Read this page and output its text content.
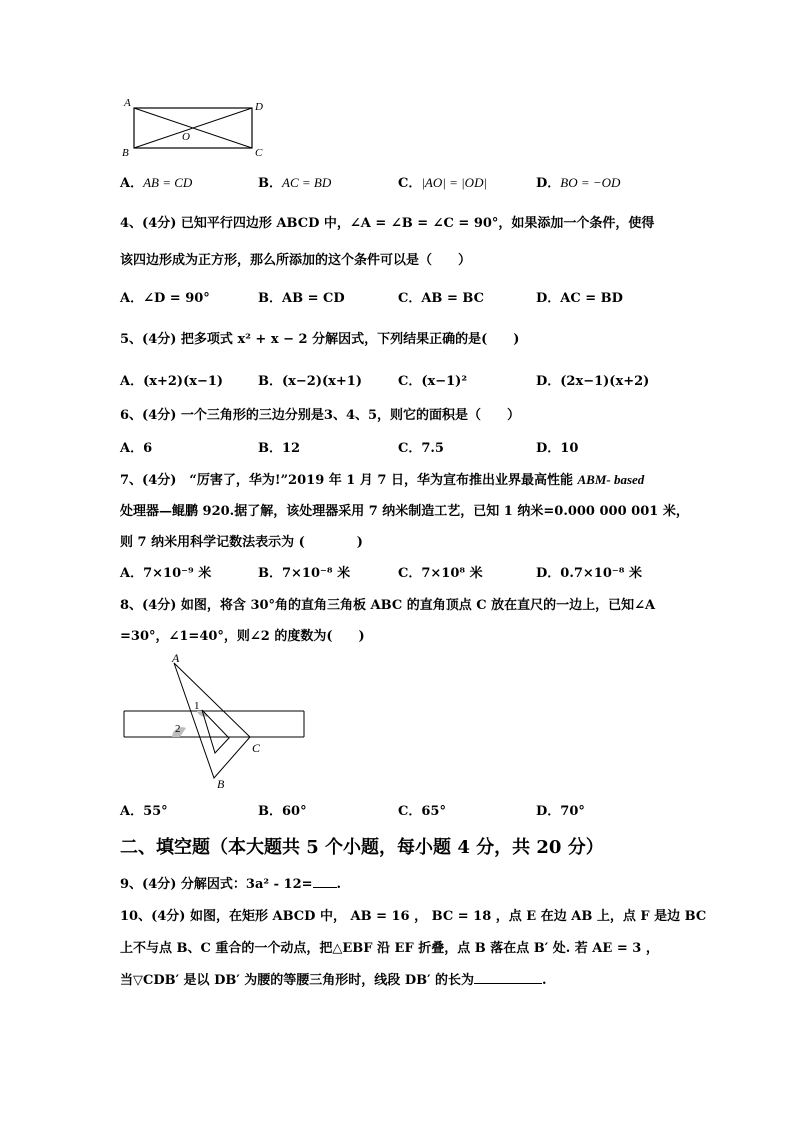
A	D
B	C
O
A．AB = CD	B．AC = BD	C．|AO| = |OD|	D．BO = −OD
4、(4分) 已知平行四边形 ABCD 中，∠A = ∠B = ∠C = 90°，如果添加一个条件，使得
该四边形成为正方形，那么所添加的这个条件可以是（　　）
A．∠D = 90°	B．AB = CD	C．AB = BC	D．AC = BD
5、(4分) 把多项式 x² + x − 2 分解因式，下列结果正确的是(　　)
A．(x+2)(x−1)	B．(x−2)(x+1)	C．(x−1)²	D．(2x−1)(x+2)
6、(4分) 一个三角形的三边分别是3、4、5，则它的面积是（　　）
A．6	B．12	C．7.5	D．10
7、(4分)　“厉害了，华为!”2019 年 1 月 7 日，华为宣布推出业界最高性能 ABM- based
处理器—鲲鹏 920.据了解，该处理器采用 7 纳米制造工艺，已知 1 纳米=0.000 000 001 米，
则 7 纳米用科学记数法表示为 (　　　　)
A．7×10⁻⁹ 米	B．7×10⁻⁸ 米	C．7×10⁸ 米	D．0.7×10⁻⁸ 米
8、(4分) 如图，将含 30°角的直角三角板 ABC 的直角顶点 C 放在直尺的一边上，已知∠A
=30°，∠1=40°，则∠2 的度数为(　　)
A
B
C
1
2
A．55°	B．60°	C．65°	D．70°
二、填空题（本大题共 5 个小题，每小题 4 分，共 20 分）
9、(4分) 分解因式：3a² - 12= .
10、(4分) 如图，在矩形 ABCD 中， AB = 16 ， BC = 18 ，点 E 在边 AB 上，点 F 是边 BC
上不与点 B、C 重合的一个动点，把△EBF 沿 EF 折叠，点 B 落在点 B′ 处. 若 AE = 3 ，
当▽CDB′ 是以 DB′ 为腰的等腰三角形时，线段 DB′ 的长为	.
